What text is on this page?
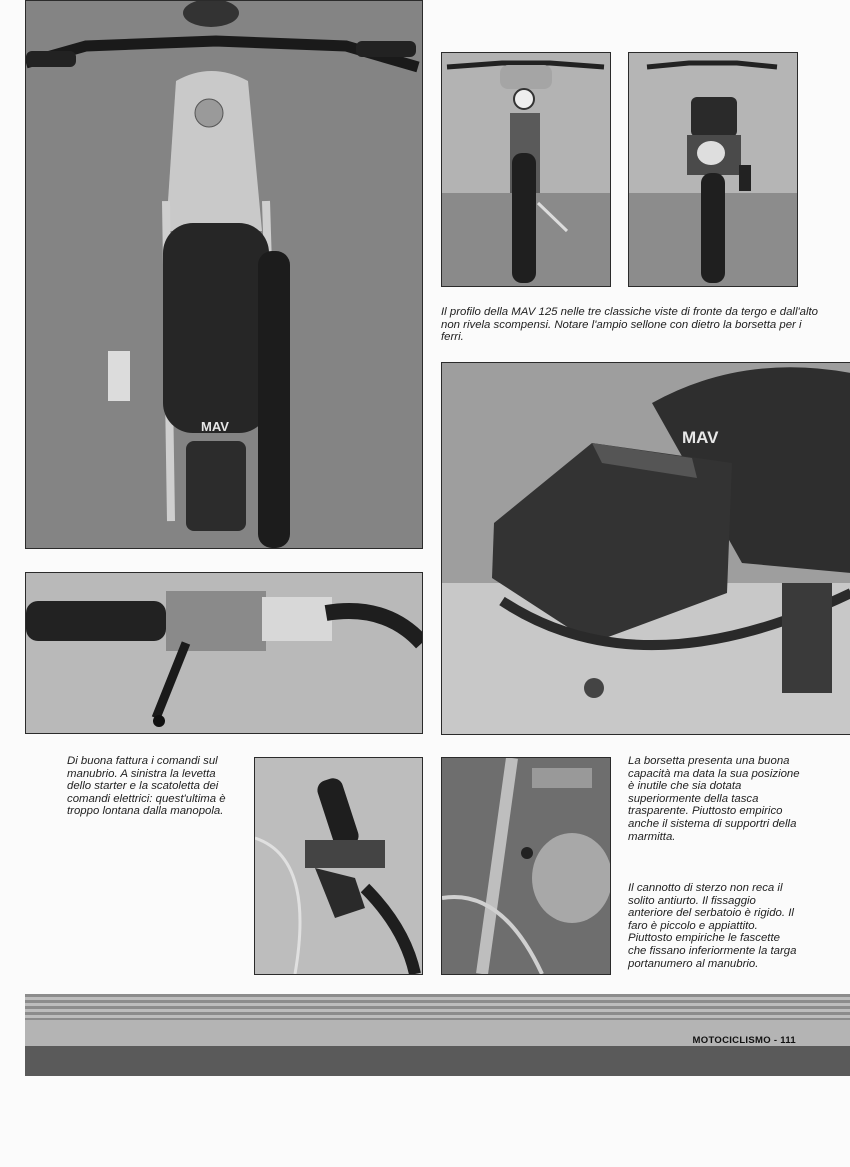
MAV
Il profilo della MAV 125 nelle tre classiche viste di fronte da tergo e dall'alto non rivela scompensi. Notare l'ampio sellone con dietro la borsetta per i ferri.
MAV
Di buona fattura i comandi sul manubrio. A sinistra la levetta dello starter e la scatoletta dei comandi elettrici: quest'ultima è troppo lontana dalla manopola.
La borsetta presenta una buona capacità ma data la sua posizione è inutile che sia dotata superiormente della tasca trasparente. Piuttosto empirico anche il sistema di supportri della marmitta.
Il cannotto di sterzo non reca il solito antiurto. Il fissaggio anteriore del serbatoio è rigido. Il faro è piccolo e appiattito. Piuttosto empiriche le fascette che fissano inferiormente la targa portanumero al manubrio.
MOTOCICLISMO - 111
